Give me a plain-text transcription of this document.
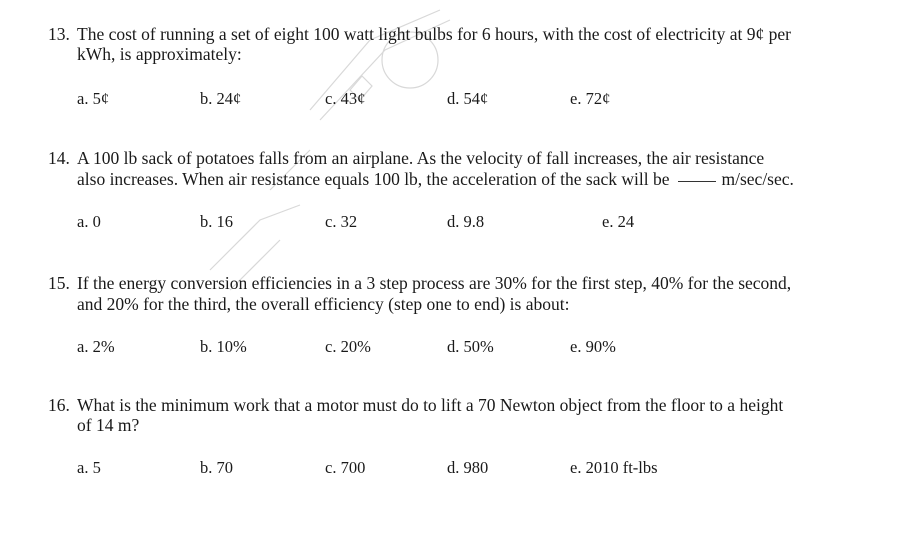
13. The cost of running a set of eight 100 watt light bulbs for 6 hours, with the cost of electricity at 9¢ per
kWh, is approximately:
a. 5¢	b. 24¢	c. 43¢	d. 54¢	e. 72¢
14. A 100 lb sack of potatoes falls from an airplane. As the velocity of fall increases, the air resistance
also increases. When air resistance equals 100 lb, the acceleration of the sack will be	m/sec/sec.
a. 0	b. 16	c. 32	d. 9.8	e. 24
15. If the energy conversion efficiencies in a 3 step process are 30% for the first step, 40% for the second,
and 20% for the third, the overall efficiency (step one to end) is about:
a. 2%	b. 10%	c. 20%	d. 50%	e. 90%
16. What is the minimum work that a motor must do to lift a 70 Newton object from the floor to a height
of 14 m?
a. 5	b. 70	c. 700	d. 980	e. 2010 ft-lbs
